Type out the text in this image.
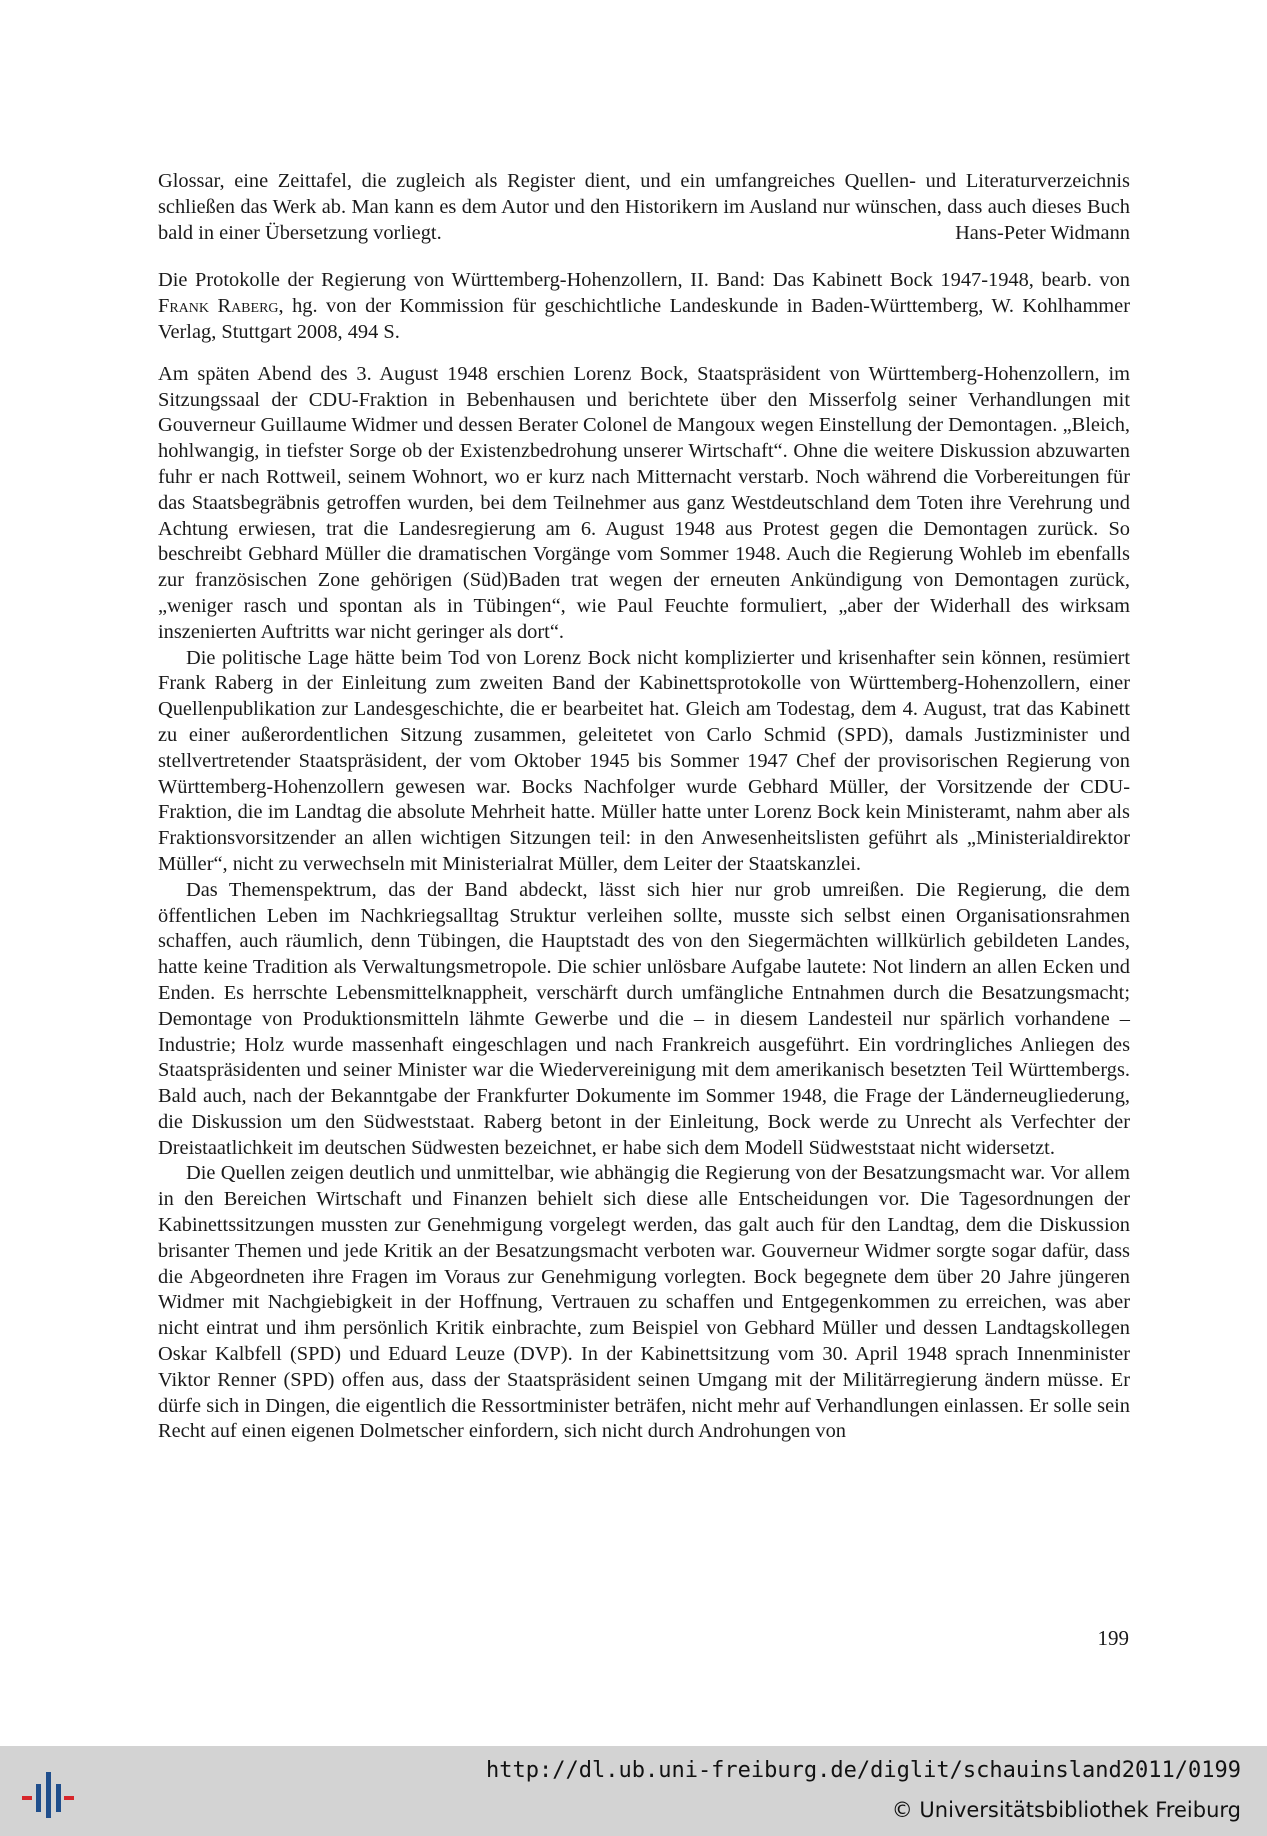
Glossar, eine Zeittafel, die zugleich als Register dient, und ein umfangreiches Quellen- und Literaturverzeichnis schließen das Werk ab. Man kann es dem Autor und den Historikern im Ausland nur wünschen, dass auch dieses Buch bald in einer Übersetzung vorliegt.	Hans-Peter Widmann

Die Protokolle der Regierung von Württemberg-Hohenzollern, II. Band: Das Kabinett Bock 1947-1948, bearb. von Frank Raberg, hg. von der Kommission für geschichtliche Landeskunde in Baden-Württemberg, W. Kohlhammer Verlag, Stuttgart 2008, 494 S.

Am späten Abend des 3. August 1948 erschien Lorenz Bock, Staatspräsident von Württemberg-Hohenzollern, im Sitzungssaal der CDU-Fraktion in Bebenhausen und berichtete über den Misserfolg seiner Verhandlungen mit Gouverneur Guillaume Widmer und dessen Berater Colonel de Mangoux wegen Einstellung der Demontagen. „Bleich, hohlwangig, in tiefster Sorge ob der Existenzbedrohung unserer Wirtschaft“. Ohne die weitere Diskussion abzuwarten fuhr er nach Rottweil, seinem Wohnort, wo er kurz nach Mitternacht verstarb. Noch während die Vorbereitungen für das Staatsbegräbnis getroffen wurden, bei dem Teilnehmer aus ganz Westdeutschland dem Toten ihre Verehrung und Achtung erwiesen, trat die Landesregierung am 6. August 1948 aus Protest gegen die Demontagen zurück. So beschreibt Gebhard Müller die dramatischen Vorgänge vom Sommer 1948. Auch die Regierung Wohleb im ebenfalls zur französischen Zone gehörigen (Süd)Baden trat wegen der erneuten Ankündigung von Demontagen zurück, „weniger rasch und spontan als in Tübingen“, wie Paul Feuchte formuliert, „aber der Widerhall des wirksam inszenierten Auftritts war nicht geringer als dort“.

Die politische Lage hätte beim Tod von Lorenz Bock nicht komplizierter und krisenhafter sein können, resümiert Frank Raberg in der Einleitung zum zweiten Band der Kabinettsprotokolle von Württemberg-Hohenzollern, einer Quellenpublikation zur Landesgeschichte, die er bearbeitet hat. Gleich am Todestag, dem 4. August, trat das Kabinett zu einer außerordentlichen Sitzung zusammen, geleitetet von Carlo Schmid (SPD), damals Justizminister und stellvertretender Staatspräsident, der vom Oktober 1945 bis Sommer 1947 Chef der provisorischen Regierung von Württemberg-Hohenzollern gewesen war. Bocks Nachfolger wurde Gebhard Müller, der Vorsitzende der CDU-Fraktion, die im Landtag die absolute Mehrheit hatte. Müller hatte unter Lorenz Bock kein Ministeramt, nahm aber als Fraktionsvorsitzender an allen wichtigen Sitzungen teil: in den Anwesenheitslisten geführt als „Ministerialdirektor Müller“, nicht zu verwechseln mit Ministerialrat Müller, dem Leiter der Staatskanzlei.

Das Themenspektrum, das der Band abdeckt, lässt sich hier nur grob umreißen. Die Regierung, die dem öffentlichen Leben im Nachkriegsalltag Struktur verleihen sollte, musste sich selbst einen Organisationsrahmen schaffen, auch räumlich, denn Tübingen, die Hauptstadt des von den Siegermächten willkürlich gebildeten Landes, hatte keine Tradition als Verwaltungsmetropole. Die schier unlösbare Aufgabe lautete: Not lindern an allen Ecken und Enden. Es herrschte Lebensmittelknappheit, verschärft durch umfängliche Entnahmen durch die Besatzungsmacht; Demontage von Produktionsmitteln lähmte Gewerbe und die – in diesem Landesteil nur spärlich vorhandene – Industrie; Holz wurde massenhaft eingeschlagen und nach Frankreich ausgeführt. Ein vordringliches Anliegen des Staatspräsidenten und seiner Minister war die Wiedervereinigung mit dem amerikanisch besetzten Teil Württembergs. Bald auch, nach der Bekanntgabe der Frankfurter Dokumente im Sommer 1948, die Frage der Länderneugliederung, die Diskussion um den Südweststaat. Raberg betont in der Einleitung, Bock werde zu Unrecht als Verfechter der Dreistaatlichkeit im deutschen Südwesten bezeichnet, er habe sich dem Modell Südweststaat nicht widersetzt.

Die Quellen zeigen deutlich und unmittelbar, wie abhängig die Regierung von der Besatzungsmacht war. Vor allem in den Bereichen Wirtschaft und Finanzen behielt sich diese alle Entscheidungen vor. Die Tagesordnungen der Kabinettssitzungen mussten zur Genehmigung vorgelegt werden, das galt auch für den Landtag, dem die Diskussion brisanter Themen und jede Kritik an der Besatzungsmacht verboten war. Gouverneur Widmer sorgte sogar dafür, dass die Abgeordneten ihre Fragen im Voraus zur Genehmigung vorlegten. Bock begegnete dem über 20 Jahre jüngeren Widmer mit Nachgiebigkeit in der Hoffnung, Vertrauen zu schaffen und Entgegenkommen zu erreichen, was aber nicht eintrat und ihm persönlich Kritik einbrachte, zum Beispiel von Gebhard Müller und dessen Landtagskollegen Oskar Kalbfell (SPD) und Eduard Leuze (DVP). In der Kabinettsitzung vom 30. April 1948 sprach Innenminister Viktor Renner (SPD) offen aus, dass der Staatspräsident seinen Umgang mit der Militärregierung ändern müsse. Er dürfe sich in Dingen, die eigentlich die Ressortminister beträfen, nicht mehr auf Verhandlungen einlassen. Er solle sein Recht auf einen eigenen Dolmetscher einfordern, sich nicht durch Androhungen von

199
http://dl.ub.uni-freiburg.de/diglit/schauinsland2011/0199
© Universitätsbibliothek Freiburg
